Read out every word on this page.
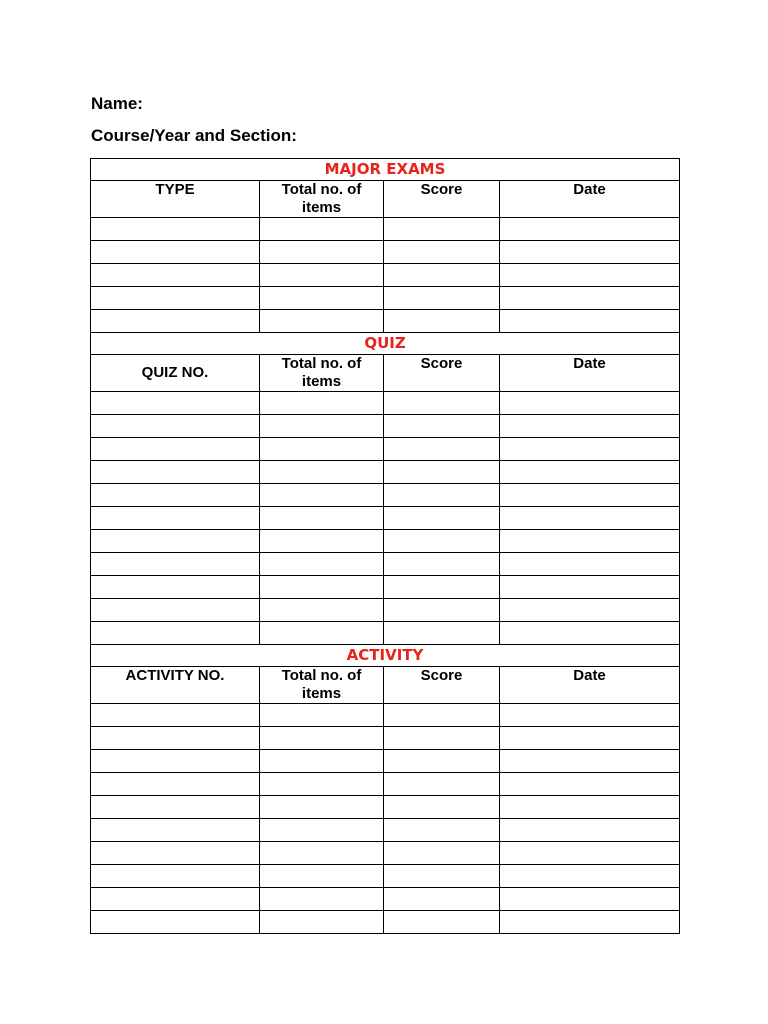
Name:
Course/Year and Section:
MAJOR EXAMS			
TYPE	Total no. of items	Score	Date

QUIZ			
QUIZ NO.	Total no. of items	Score	Date

ACTIVITY			
ACTIVITY NO.	Total no. of items	Score	Date
